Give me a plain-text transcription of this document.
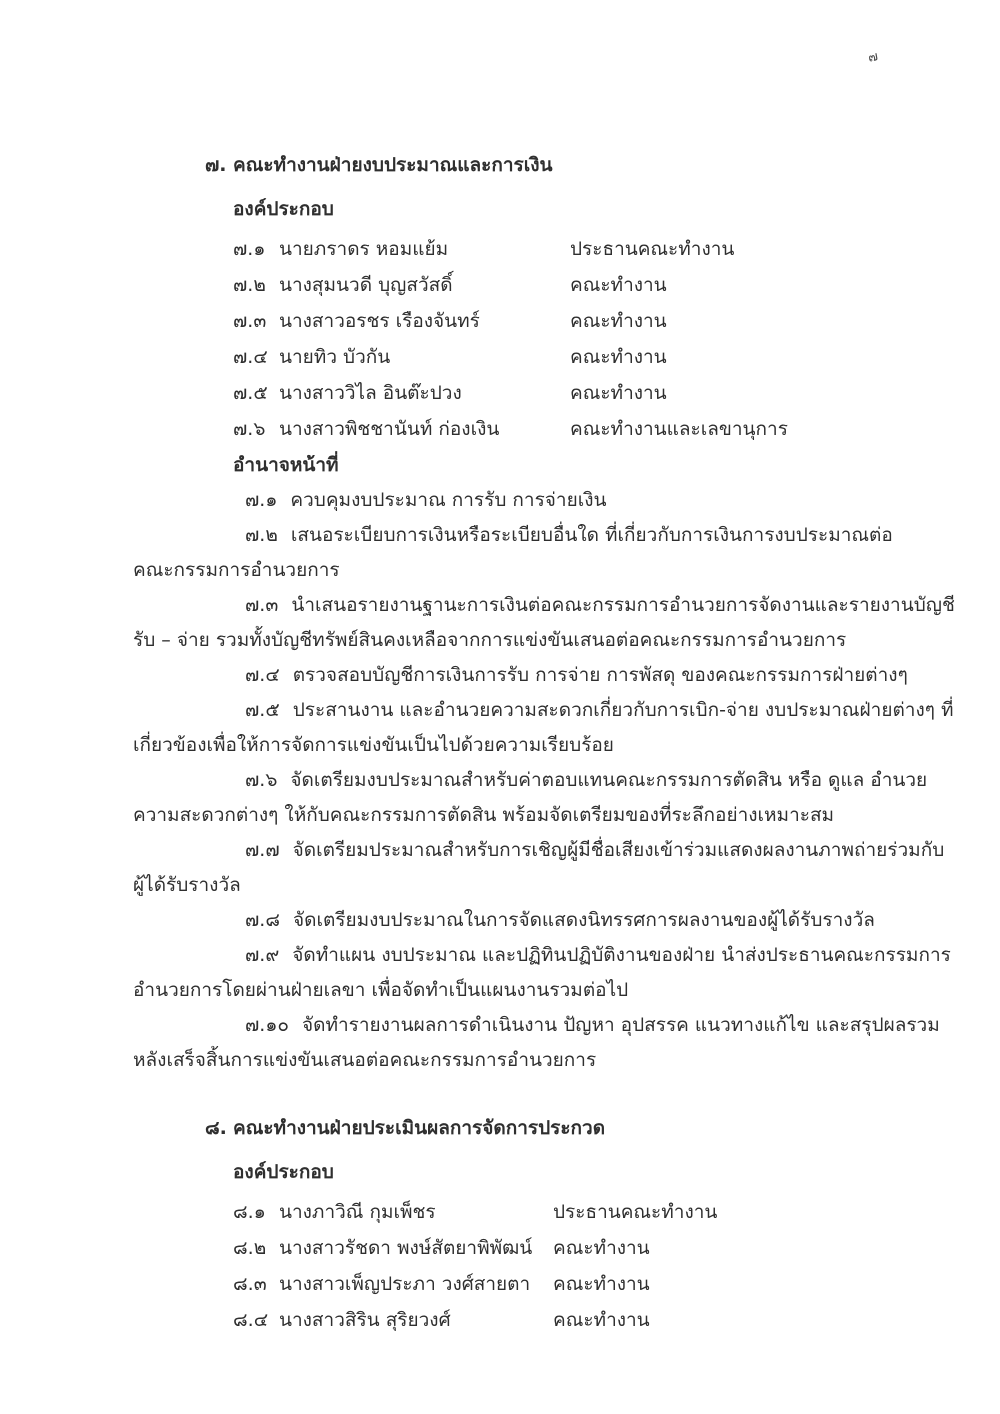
๗
๗. คณะทำงานฝ่ายงบประมาณและการเงิน
องค์ประกอบ
๗.๑ นายภราดร หอมแย้ม	ประธานคณะทำงาน
๗.๒ นางสุมนวดี บุญสวัสดิ์	คณะทำงาน
๗.๓ นางสาวอรชร เรืองจันทร์	คณะทำงาน
๗.๔ นายทิว บัวกัน	คณะทำงาน
๗.๕ นางสาววิไล อินต๊ะปวง	คณะทำงาน
๗.๖ นางสาวพิชชานันท์ ก่องเงิน	คณะทำงานและเลขานุการ
อำนาจหน้าที่
๗.๑ ควบคุมงบประมาณ การรับ การจ่ายเงิน
๗.๒ เสนอระเบียบการเงินหรือระเบียบอื่นใด ที่เกี่ยวกับการเงินการงบประมาณต่อ
คณะกรรมการอำนวยการ
๗.๓ นำเสนอรายงานฐานะการเงินต่อคณะกรรมการอำนวยการจัดงานและรายงานบัญชี
รับ – จ่าย รวมทั้งบัญชีทรัพย์สินคงเหลือจากการแข่งขันเสนอต่อคณะกรรมการอำนวยการ
๗.๔ ตรวจสอบบัญชีการเงินการรับ การจ่าย การพัสดุ ของคณะกรรมการฝ่ายต่างๆ
๗.๕ ประสานงาน และอำนวยความสะดวกเกี่ยวกับการเบิก-จ่าย งบประมาณฝ่ายต่างๆ ที่
เกี่ยวข้องเพื่อให้การจัดการแข่งขันเป็นไปด้วยความเรียบร้อย
๗.๖ จัดเตรียมงบประมาณสำหรับค่าตอบแทนคณะกรรมการตัดสิน หรือ ดูแล อำนวย
ความสะดวกต่างๆ ให้กับคณะกรรมการตัดสิน พร้อมจัดเตรียมของที่ระลึกอย่างเหมาะสม
๗.๗ จัดเตรียมประมาณสำหรับการเชิญผู้มีชื่อเสียงเข้าร่วมแสดงผลงานภาพถ่ายร่วมกับ
ผู้ได้รับรางวัล
๗.๘ จัดเตรียมงบประมาณในการจัดแสดงนิทรรศการผลงานของผู้ได้รับรางวัล
๗.๙ จัดทำแผน งบประมาณ และปฏิทินปฏิบัติงานของฝ่าย นำส่งประธานคณะกรรมการ
อำนวยการโดยผ่านฝ่ายเลขา เพื่อจัดทำเป็นแผนงานรวมต่อไป
๗.๑๐ จัดทำรายงานผลการดำเนินงาน ปัญหา อุปสรรค แนวทางแก้ไข และสรุปผลรวม
หลังเสร็จสิ้นการแข่งขันเสนอต่อคณะกรรมการอำนวยการ
๘. คณะทำงานฝ่ายประเมินผลการจัดการประกวด
องค์ประกอบ
๘.๑ นางภาวิณี กุมเพ็ชร	ประธานคณะทำงาน
๘.๒ นางสาวรัชดา พงษ์สัตยาพิพัฒน์	คณะทำงาน
๘.๓ นางสาวเพ็ญประภา วงศ์สายตา	คณะทำงาน
๘.๔ นางสาวสิริน สุริยวงศ์	คณะทำงาน
